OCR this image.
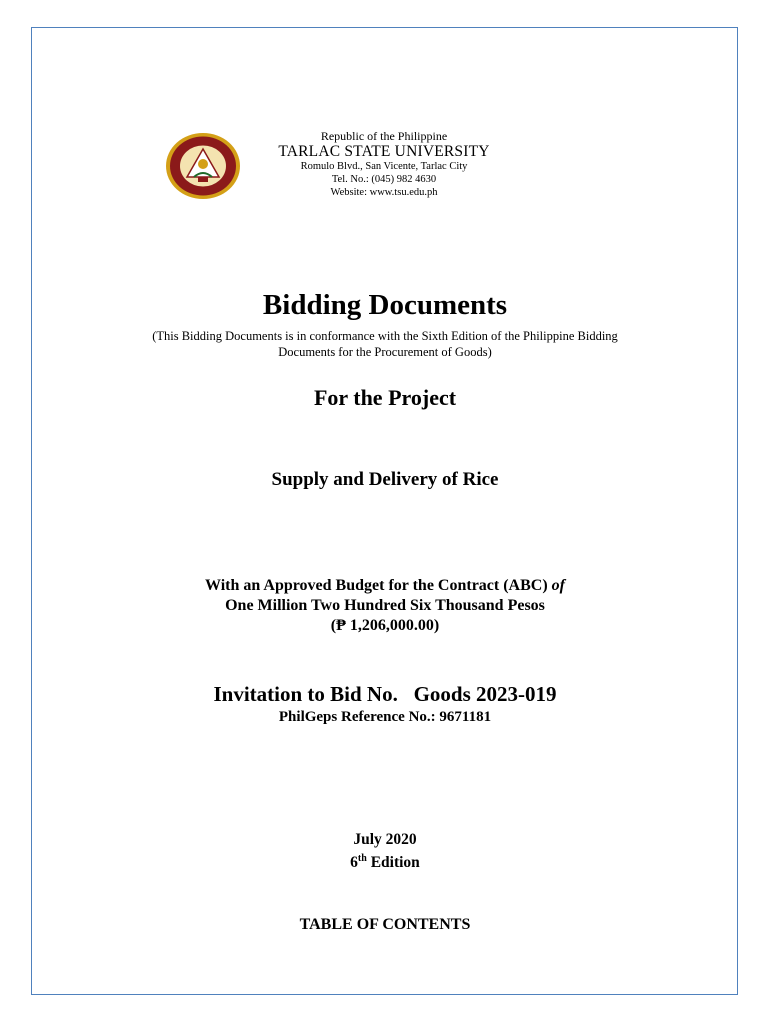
Republic of the Philippine
TARLAC STATE UNIVERSITY
Romulo Blvd., San Vicente, Tarlac City
Tel. No.: (045) 982 4630
Website: www.tsu.edu.ph
Bidding Documents
(This Bidding Documents is in conformance with the Sixth Edition of the Philippine Bidding
Documents for the Procurement of Goods)
For the Project
Supply and Delivery of Rice
With an Approved Budget for the Contract (ABC) of
One Million Two Hundred Six Thousand Pesos
(₱ 1,206,000.00)
Invitation to Bid No. Goods 2023-019
PhilGeps Reference No.: 9671181
July 2020
6th Edition
TABLE OF CONTENTS
